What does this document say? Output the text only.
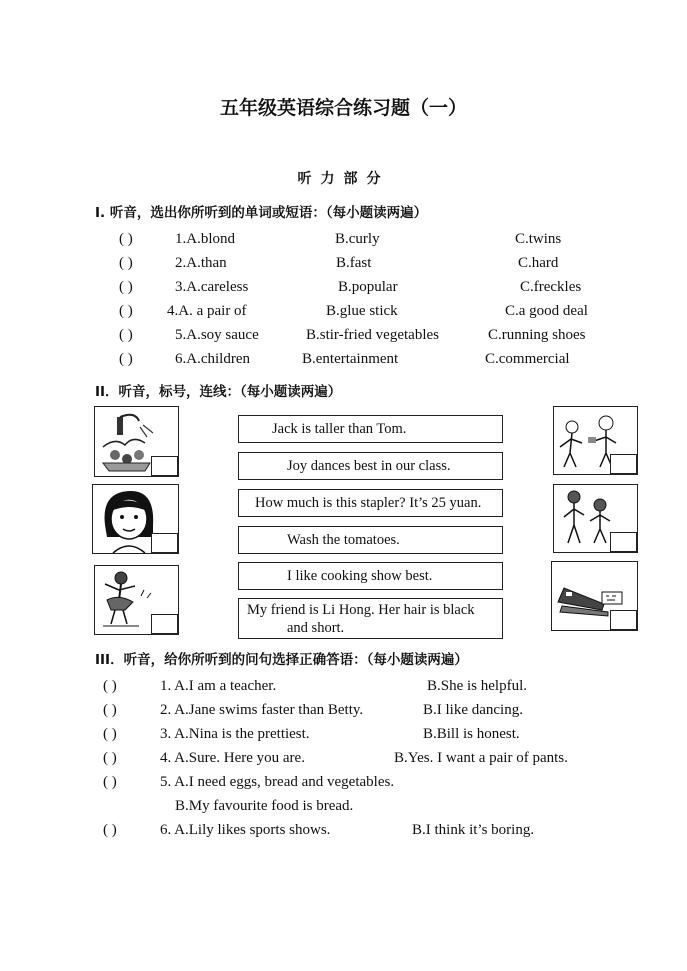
五年级英语综合练习题（一）
听力部分
I. 听音，选出你所听到的单词或短语：（每小题读两遍）
( )	1.A.blond	B.curly	C.twins
( )	2.A.than	B.fast	C.hard
( )	3.A.careless	B.popular	C.freckles
( ) 4.A. a pair of	B.glue stick	C.a good deal
( )	5.A.soy sauce	B.stir-fried vegetables	C.running shoes
( )	6.A.children	B.entertainment	C.commercial
II．听音，标号，连线：（每小题读两遍）
Jack is taller than Tom.
Joy dances best in our class.
How much is this stapler? It’s 25 yuan.
Wash the tomatoes.
I like cooking show best.
My friend is Li Hong. Her hair is black
and short.
III．听音，给你所听到的问句选择正确答语：（每小题读两遍）
( )	1. A.I am a teacher.	B.She is helpful.
( )	2. A.Jane swims faster than Betty.	B.I like dancing.
( )	3. A.Nina is the prettiest.	B.Bill is honest.
( )	4. A.Sure. Here you are.	B.Yes. I want a pair of pants.
( )	5. A.I need eggs, bread and vegetables.
B.My favourite food is bread.
( )	6. A.Lily likes sports shows.	B.I think it’s boring.
